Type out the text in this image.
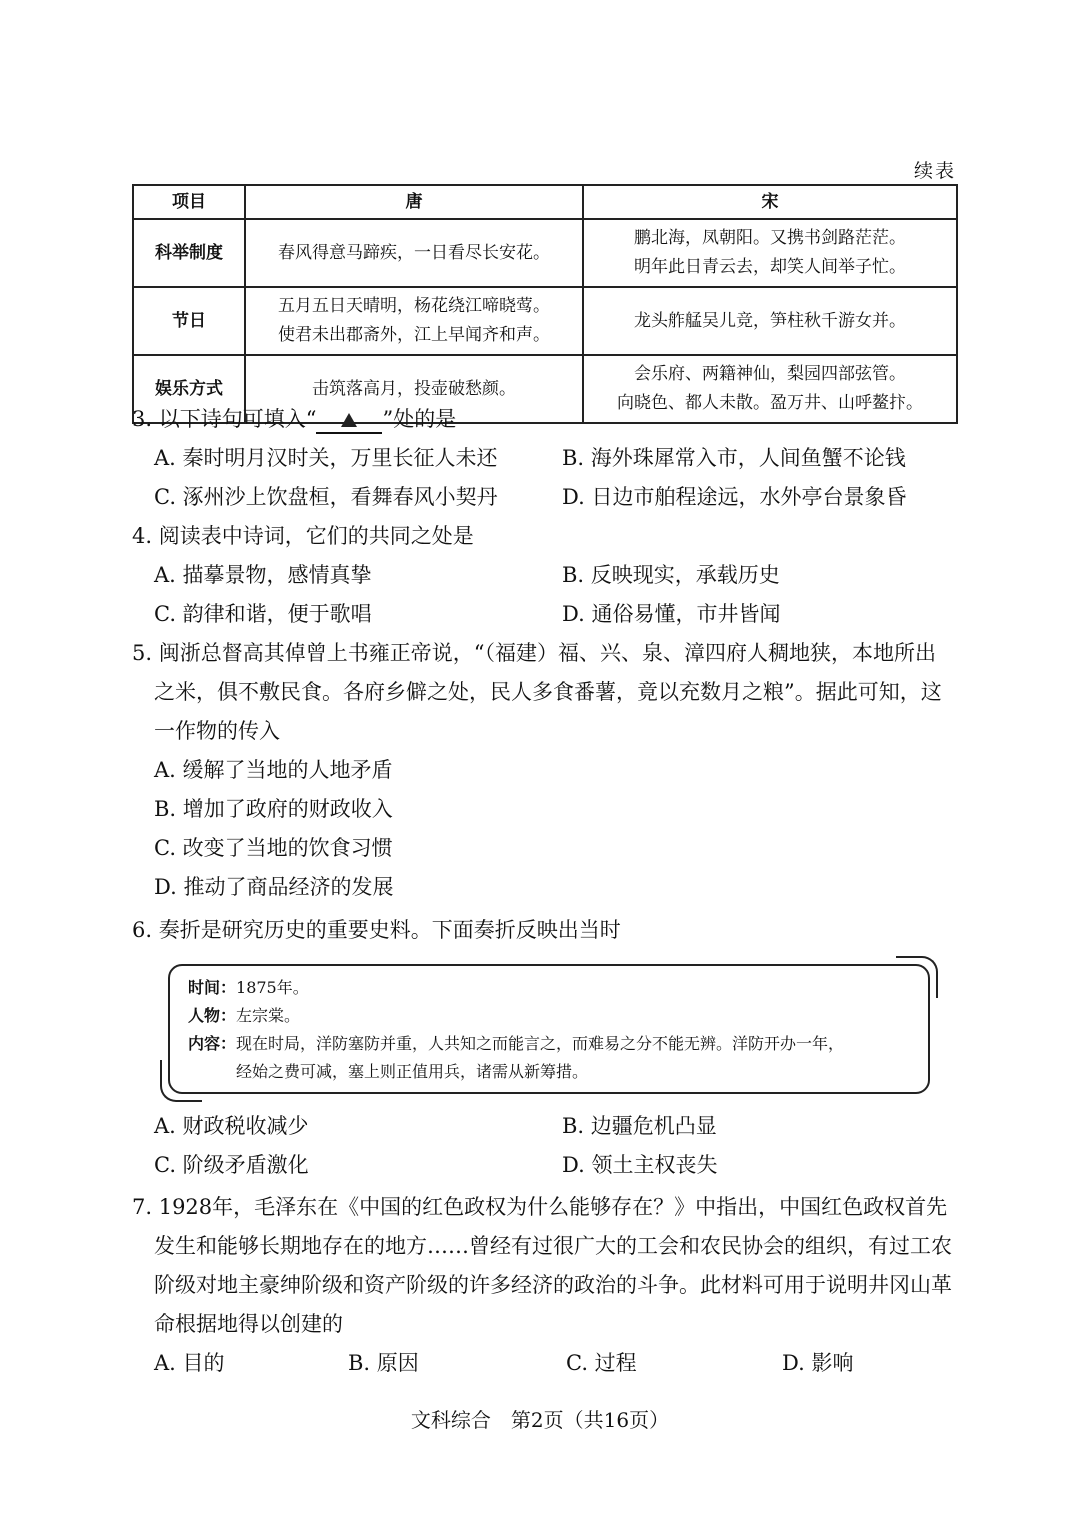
续表
项目	唐	宋
科举制度	春风得意马蹄疾，一日看尽长安花。	鹏北海，凤朝阳。又携书剑路茫茫。
明年此日青云去，却笑人间举子忙。

节日	五月五日天晴明，杨花绕江啼晓莺。
使君未出郡斋外，江上早闻齐和声。	龙头舴艋吴儿竞，笋柱秋千游女并。

娱乐方式	击筑落高月，投壶破愁颜。	会乐府、两籍神仙，梨园四部弦管。
向晓色、都人未散。盈万井、山呼鳌抃。
3. 以下诗句可填入“	”处的是
A. 秦时明月汉时关，万里长征人未还	B. 海外珠犀常入市，人间鱼蟹不论钱
C. 涿州沙上饮盘桓，看舞春风小契丹	D. 日边市舶程途远，水外亭台景象昏
4. 阅读表中诗词，它们的共同之处是
A. 描摹景物，感情真挚	B. 反映现实，承载历史
C. 韵律和谐，便于歌唱	D. 通俗易懂，市井皆闻
5. 闽浙总督高其倬曾上书雍正帝说，“（福建）福、兴、泉、漳四府人稠地狭，本地所出之米，俱不敷民食。各府乡僻之处，民人多食番薯，竟以充数月之粮”。据此可知，这一作物的传入
A. 缓解了当地的人地矛盾
B. 增加了政府的财政收入
C. 改变了当地的饮食习惯
D. 推动了商品经济的发展
6. 奏折是研究历史的重要史料。下面奏折反映出当时
时间：1875年。
人物：左宗棠。
内容：现在时局，洋防塞防并重，人共知之而能言之，而难易之分不能无辨。洋防开办一年，
经始之费可减，塞上则正值用兵，诸需从新筹措。
A. 财政税收减少	B. 边疆危机凸显
C. 阶级矛盾激化	D. 领土主权丧失
7. 1928年，毛泽东在《中国的红色政权为什么能够存在？》中指出，中国红色政权首先发生和能够长期地存在的地方……曾经有过很广大的工会和农民协会的组织，有过工农阶级对地主豪绅阶级和资产阶级的许多经济的政治的斗争。此材料可用于说明井冈山革命根据地得以创建的
A. 目的	B. 原因	C. 过程	D. 影响
文科综合　第2页（共16页）
